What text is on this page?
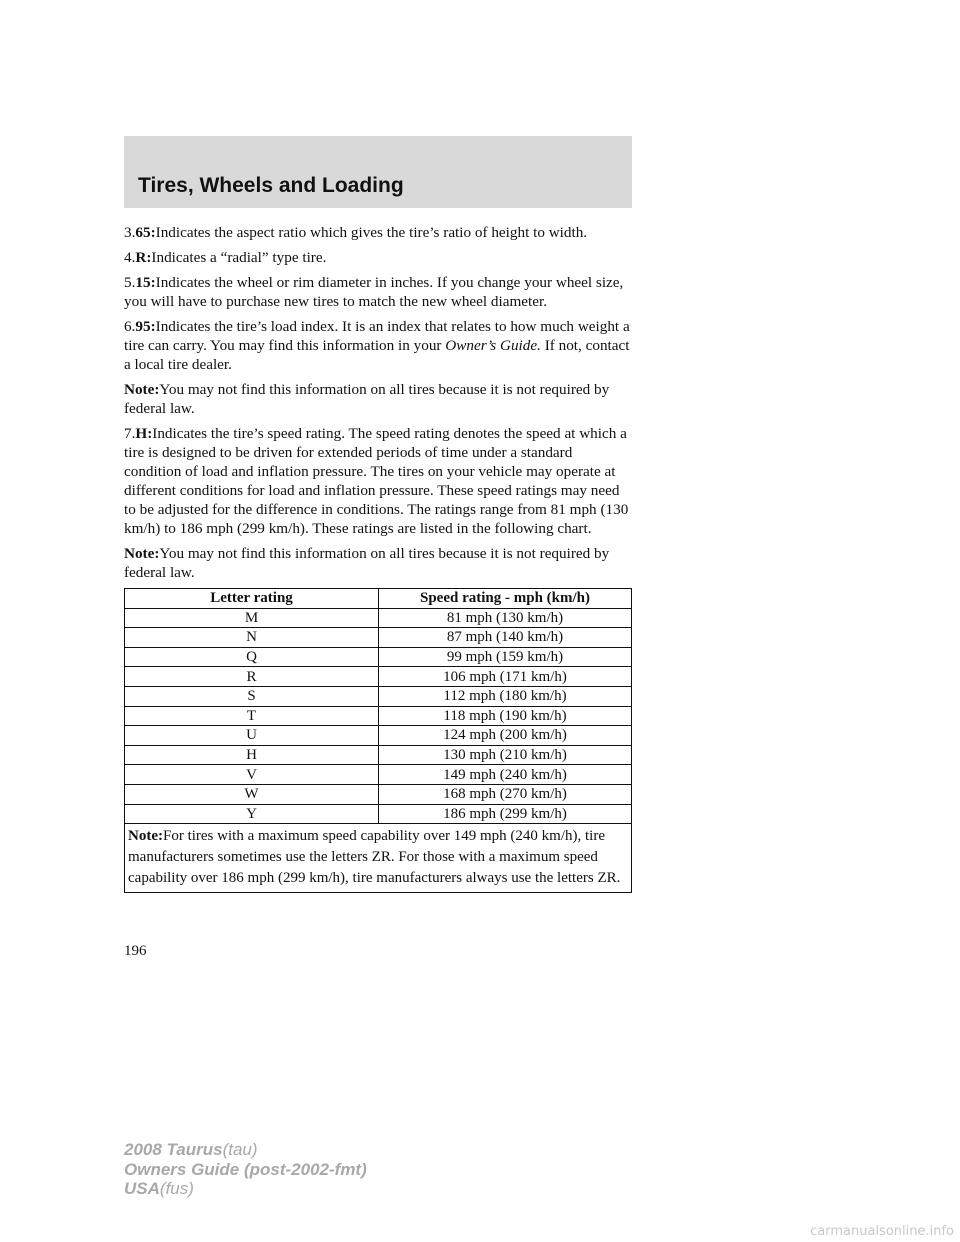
Tires, Wheels and Loading

3.65:Indicates the aspect ratio which gives the tire’s ratio of height to width.

4.R:Indicates a “radial” type tire.

5.15:Indicates the wheel or rim diameter in inches. If you change your wheel size, you will have to purchase new tires to match the new wheel diameter.

6.95:Indicates the tire’s load index. It is an index that relates to how much weight a tire can carry. You may find this information in your Owner’s Guide. If not, contact a local tire dealer.

Note:You may not find this information on all tires because it is not required by federal law.

7.H:Indicates the tire’s speed rating. The speed rating denotes the speed at which a tire is designed to be driven for extended periods of time under a standard condition of load and inflation pressure. The tires on your vehicle may operate at different conditions for load and inflation pressure. These speed ratings may need to be adjusted for the difference in conditions. The ratings range from 81 mph (130 km/h) to 186 mph (299 km/h). These ratings are listed in the following chart.

Note:You may not find this information on all tires because it is not required by federal law.

Letter rating	Speed rating - mph (km/h)
M	81 mph (130 km/h)
N	87 mph (140 km/h)
Q	99 mph (159 km/h)
R	106 mph (171 km/h)
S	112 mph (180 km/h)
T	118 mph (190 km/h)
U	124 mph (200 km/h)
H	130 mph (210 km/h)
V	149 mph (240 km/h)
W	168 mph (270 km/h)
Y	186 mph (299 km/h)
Note:For tires with a maximum speed capability over 149 mph (240 km/h), tire manufacturers sometimes use the letters ZR. For those with a maximum speed capability over 186 mph (299 km/h), tire manufacturers always use the letters ZR.	
196
2008 Taurus(tau)
Owners Guide (post-2002-fmt)
USA(fus)
carmanualsonline.info
